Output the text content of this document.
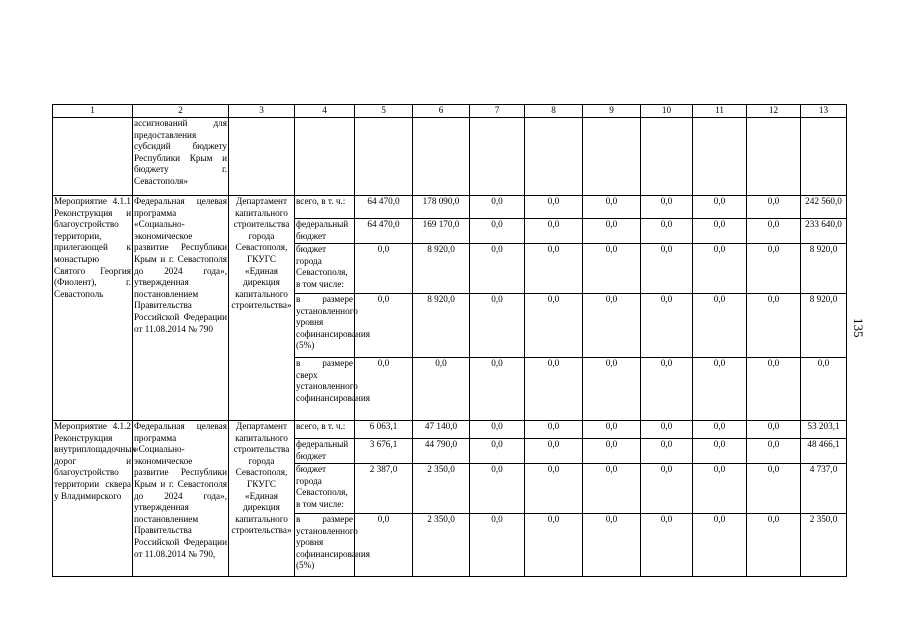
1	2	3	4	5	6	7	8	9	10	11	12	13
	ассигнований для предоставления субсидий бюджету Республики Крым и бюджету г. Севастополя»											
Мероприятие 4.1.1 Реконструкция и благоустройство территории, прилегающей к монастырю Святого Георгия (Фиолент), г. Севастополь	Федеральная целевая программа «Социально-экономическое развитие Республики Крым и г. Севастополя до 2024 года», утвержденная постановлением Правительства Российской Федерации от 11.08.2014 № 790	Департамент капитального строительства города Севастополя, ГКУГС «Единая дирекция капитального строительства»	всего, в т. ч.:	64 470,0	178 090,0	0,0	0,0	0,0	0,0	0,0	0,0	242 560,0
			федеральный бюджет	64 470,0	169 170,0	0,0	0,0	0,0	0,0	0,0	0,0	233 640,0
			бюджет города Севастополя, в том числе:	0,0	8 920,0	0,0	0,0	0,0	0,0	0,0	0,0	8 920,0
			в размере установленного уровня софинансирования (5%)	0,0	8 920,0	0,0	0,0	0,0	0,0	0,0	0,0	8 920,0
			в размере сверх установленного софинансирования	0,0	0,0	0,0	0,0	0,0	0,0	0,0	0,0	0,0
Мероприятие 4.1.2 Реконструкция внутриплощадочных дорог и благоустройство территории сквера у Владимирского	Федеральная целевая программа «Социально-экономическое развитие Республики Крым и г. Севастополя до 2024 года», утвержденная постановлением Правительства Российской Федерации от 11.08.2014 № 790,	Департамент капитального строительства города Севастополя, ГКУГС «Единая дирекция капитального строительства»	всего, в т. ч.:	6 063,1	47 140,0	0,0	0,0	0,0	0,0	0,0	0,0	53 203,1
			федеральный бюджет	3 676,1	44 790,0	0,0	0,0	0,0	0,0	0,0	0,0	48 466,1
			бюджет города Севастополя, в том числе:	2 387,0	2 350,0	0,0	0,0	0,0	0,0	0,0	0,0	4 737,0
			в размере установленного уровня софинансирования (5%)	0,0	2 350,0	0,0	0,0	0,0	0,0	0,0	0,0	2 350,0
135
